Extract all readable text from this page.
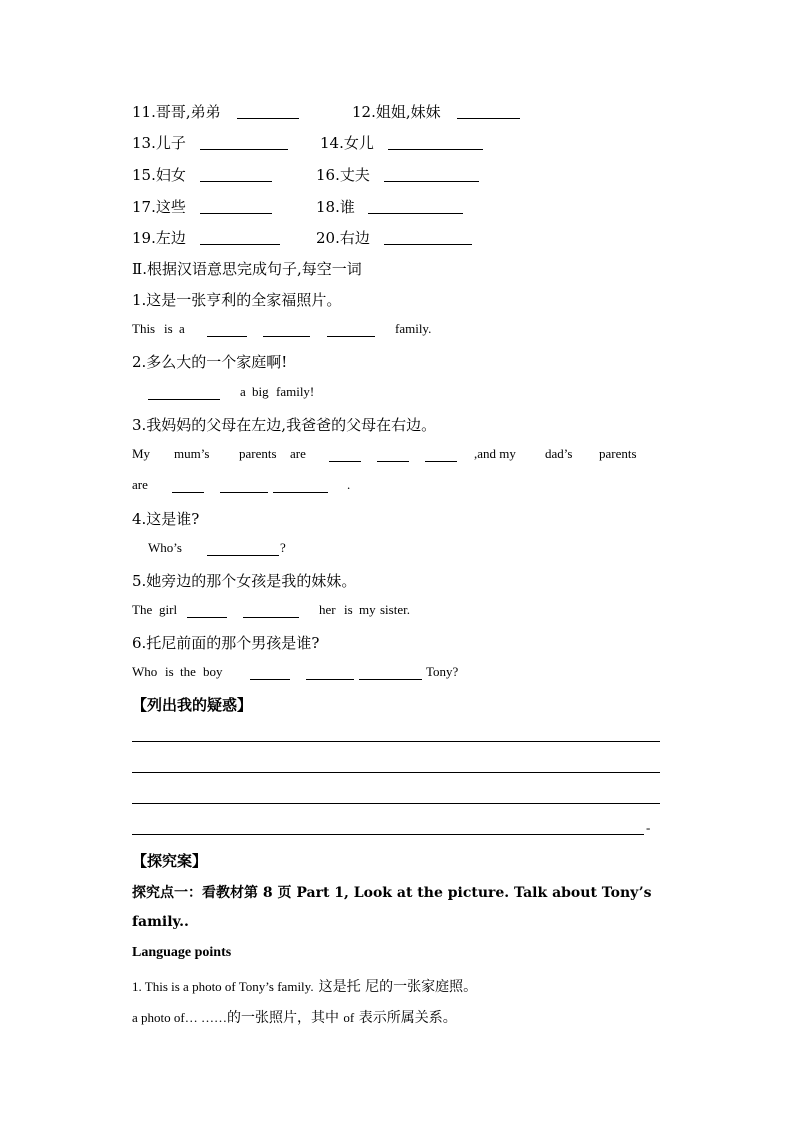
11.哥哥,弟弟	12.姐姐,妹妹
13.儿子	14.女儿
15.妇女	16.丈夫
17.这些	18.谁
19.左边	20.右边
Ⅱ.根据汉语意思完成句子,每空一词
1.这是一张亨利的全家福照片。
This is a	family.
2.多么大的一个家庭啊!
a big family!
3.我妈妈的父母在左边,我爸爸的父母在右边。
My mum’s parents are	,and my dad’s parents
are	.
4.这是谁?
Who’s	?
5.她旁边的那个女孩是我的妹妹。
The girl	her is my sister.
6.托尼前面的那个男孩是谁?
Who is the boy	Tony?
【列出我的疑惑】
-
【探究案】
探究点一：看教材第 8 页 Part 1, Look at the picture. Talk about Tony’s
family..
Language points
1. This is a photo of Tony’s family. 这是托 尼的一张家庭照。
a photo of… ……的一张照片，其中 of 表示所属关系。
